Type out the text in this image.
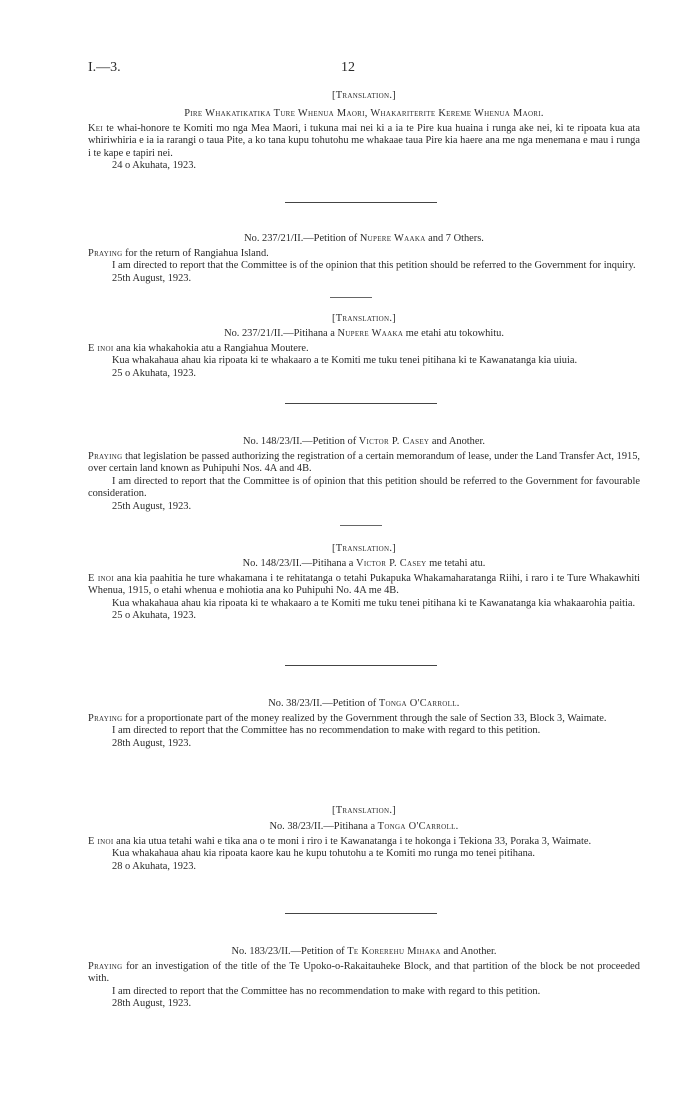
I.—3.	12
[Translation.]

Pire Whakatikatika Ture Whenua Maori, Whakariterite Kereme Whenua Maori.

Kei te whai-honore te Komiti mo nga Mea Maori, i tukuna mai nei ki a ia te Pire kua huaina i runga ake nei, ki te ripoata kua ata whiriwhiria e ia ia rarangi o taua Pite, a ko tana kupu tohutohu me whakaae taua Pire kia haere ana me nga menemana e mau i runga i te kape e tapiri nei.

24 o Akuhata, 1923.

No. 237/21/II.—Petition of Nupere Waaka and 7 Others.

Praying for the return of Rangiahua Island.

I am directed to report that the Committee is of the opinion that this petition should be referred to the Government for inquiry.

25th August, 1923.

[Translation.]

No. 237/21/II.—Pitihana a Nupere Waaka me etahi atu tokowhitu.

E inoi ana kia whakahokia atu a Rangiahua Moutere.

Kua whakahaua ahau kia ripoata ki te whakaaro a te Komiti me tuku tenei pitihana ki te Kawanatanga kia uiuia.

25 o Akuhata, 1923.

No. 148/23/II.—Petition of Victor P. Casey and Another.

Praying that legislation be passed authorizing the registration of a certain memorandum of lease, under the Land Transfer Act, 1915, over certain land known as Puhipuhi Nos. 4A and 4B.

I am directed to report that the Committee is of opinion that this petition should be referred to the Government for favourable consideration.

25th August, 1923.

[Translation.]

No. 148/23/II.—Pitihana a Victor P. Casey me tetahi atu.

E inoi ana kia paahitia he ture whakamana i te rehitatanga o tetahi Pukapuka Whakamaharatanga Riihi, i raro i te Ture Whakawhiti Whenua, 1915, o etahi whenua e mohiotia ana ko Puhipuhi No. 4A me 4B.

Kua whakahaua ahau kia ripoata ki te whakaaro a te Komiti me tuku tenei pitihana ki te Kawanatanga kia whakaarohia paitia.

25 o Akuhata, 1923.

No. 38/23/II.—Petition of Tonga O'Carroll.

Praying for a proportionate part of the money realized by the Government through the sale of Section 33, Block 3, Waimate.

I am directed to report that the Committee has no recommendation to make with regard to this petition.

28th August, 1923.

[Translation.]

No. 38/23/II.—Pitihana a Tonga O'Carroll.

E inoi ana kia utua tetahi wahi e tika ana o te moni i riro i te Kawanatanga i te hokonga i Tekiona 33, Poraka 3, Waimate.

Kua whakahaua ahau kia ripoata kaore kau he kupu tohutohu a te Komiti mo runga mo tenei pitihana.

28 o Akuhata, 1923.

No. 183/23/II.—Petition of Te Korerehu Mihaka and Another.

Praying for an investigation of the title of the Te Upoko-o-Rakaitauheke Block, and that partition of the block be not proceeded with.

I am directed to report that the Committee has no recommendation to make with regard to this petition.

28th August, 1923.
